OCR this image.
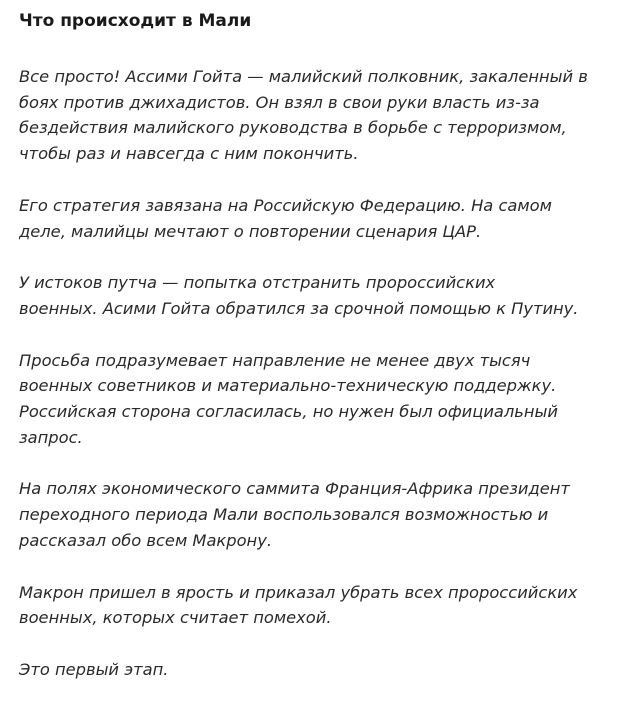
Что происходит в Мали

Все просто! Ассими Гойта — малийский полковник, закаленный в
боях против джихадистов. Он взял в свои руки власть из-за
бездействия малийского руководства в борьбе с терроризмом,
чтобы раз и навсегда с ним покончить.

Его стратегия завязана на Российскую Федерацию. На самом
деле, малийцы мечтают о повторении сценария ЦАР.

У истоков путча — попытка отстранить пророссийских
военных. Асими Гойта обратился за срочной помощью к Путину.

Просьба подразумевает направление не менее двух тысяч
военных советников и материально-техническую поддержку.
Российская сторона согласилась, но нужен был официальный
запрос.

На полях экономического саммита Франция-Африка президент
переходного периода Мали воспользовался возможностью и
рассказал обо всем Макрону.

Макрон пришел в ярость и приказал убрать всех пророссийских
военных, которых считает помехой.

Это первый этап.
